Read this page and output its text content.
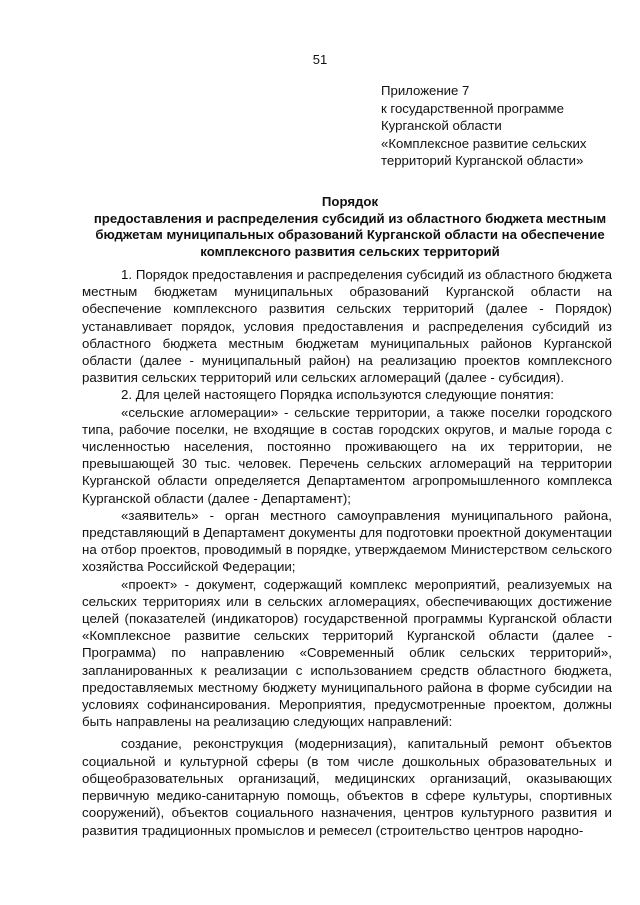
51
Приложение 7
к государственной программе
Курганской области
«Комплексное развитие сельских
территорий Курганской области»
Порядок
предоставления и распределения субсидий из областного бюджета местным
бюджетам муниципальных образований Курганской области на обеспечение
комплексного развития сельских территорий

1. Порядок предоставления и распределения субсидий из областного бюджета местным бюджетам муниципальных образований Курганской области на обеспечение комплексного развития сельских территорий (далее - Порядок) устанавливает порядок, условия предоставления и распределения субсидий из областного бюджета местным бюджетам муниципальных районов Курганской области (далее - муниципальный район) на реализацию проектов комплексного развития сельских территорий или сельских агломераций (далее - субсидия).

2. Для целей настоящего Порядка используются следующие понятия:

«сельские агломерации» - сельские территории, а также поселки городского типа, рабочие поселки, не входящие в состав городских округов, и малые города с численностью населения, постоянно проживающего на их территории, не превышающей 30 тыс. человек. Перечень сельских агломераций на территории Курганской области определяется Департаментом агропромышленного комплекса Курганской области (далее - Департамент);

«заявитель» - орган местного самоуправления муниципального района, представляющий в Департамент документы для подготовки проектной документации на отбор проектов, проводимый в порядке, утверждаемом Министерством сельского хозяйства Российской Федерации;

«проект» - документ, содержащий комплекс мероприятий, реализуемых на сельских территориях или в сельских агломерациях, обеспечивающих достижение целей (показателей (индикаторов) государственной программы Курганской области «Комплексное развитие сельских территорий Курганской области (далее - Программа) по направлению «Современный облик сельских территорий», запланированных к реализации с использованием средств областного бюджета, предоставляемых местному бюджету муниципального района в форме субсидии на условиях софинансирования. Мероприятия, предусмотренные проектом, должны быть направлены на реализацию следующих направлений:

создание, реконструкция (модернизация), капитальный ремонт объектов социальной и культурной сферы (в том числе дошкольных образовательных и общеобразовательных организаций, медицинских организаций, оказывающих первичную медико-санитарную помощь, объектов в сфере культуры, спортивных сооружений), объектов социального назначения, центров культурного развития и развития традиционных промыслов и ремесел (строительство центров народно-
